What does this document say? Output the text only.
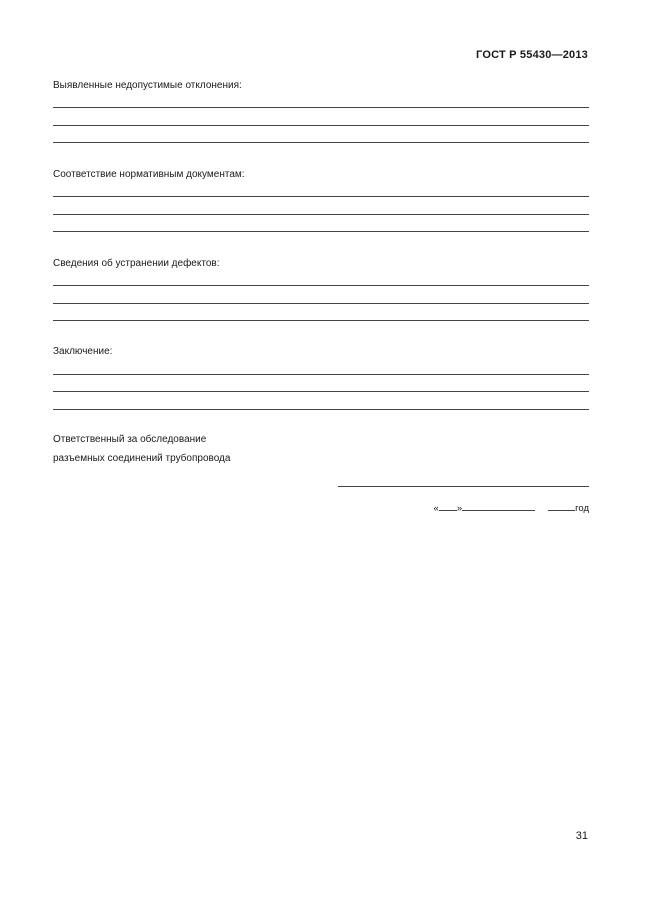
ГОСТ Р 55430—2013
Выявленные недопустимые отклонения:
Соответствие нормативным документам:
Сведения об устранении дефектов:
Заключение:
Ответственный за обследование
разъемных соединений трубопровода
« »	год
31
